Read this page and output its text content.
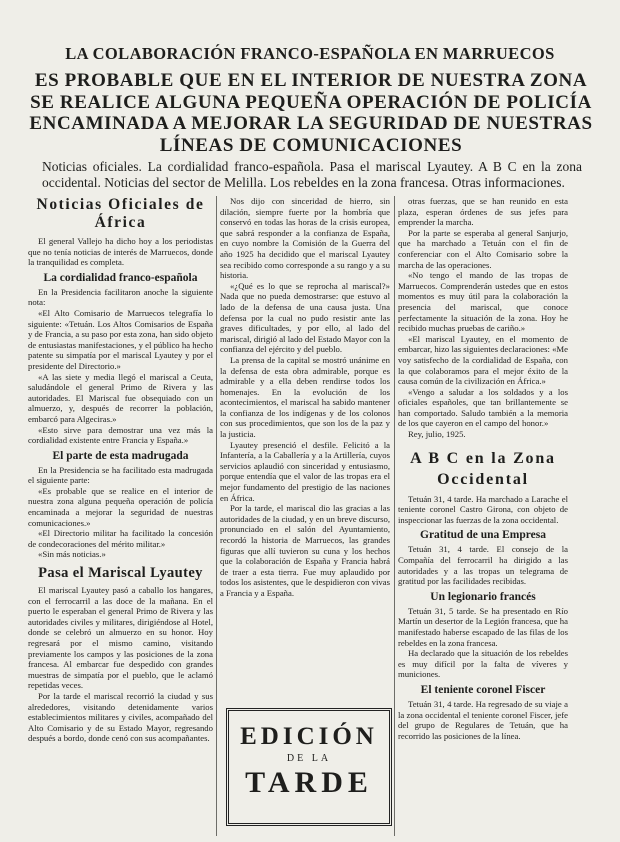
LA COLABORACIÓN FRANCO-ESPAÑOLA EN MARRUECOS
ES PROBABLE QUE EN EL INTERIOR DE NUESTRA ZONA SE REALICE ALGUNA PEQUEÑA OPERACIÓN DE POLICÍA ENCAMINADA A MEJORAR LA SEGURIDAD DE NUESTRAS LÍNEAS DE COMUNICACIONES
Noticias oficiales. La cordialidad franco-española. Pasa el mariscal Lyautey. A B C en la zona occidental. Noticias del sector de Melilla. Los rebeldes en la zona francesa. Otras informaciones.
Noticias Oficiales de África

El general Vallejo ha dicho hoy a los periodistas que no tenía noticias de interés de Marruecos, donde la tranquilidad es completa.

La cordialidad franco-española

En la Presidencia facilitaron anoche la siguiente nota:

«El Alto Comisario de Marruecos telegrafía lo siguiente: «Tetuán. Los Altos Comisarios de España y de Francia, a su paso por esta zona, han sido objeto de entusiastas manifestaciones, y el público ha hecho patente su simpatía por el mariscal Lyautey y por el presidente del Directorio.»

«A las siete y media llegó el mariscal a Ceuta, saludándole el general Primo de Rivera y las autoridades. El Mariscal fue obsequiado con un almuerzo, y, después de recorrer la población, embarcó para Algeciras.»

«Esto sirve para demostrar una vez más la cordialidad existente entre Francia y España.»

El parte de esta madrugada

En la Presidencia se ha facilitado esta madrugada el siguiente parte:

«Es probable que se realice en el interior de nuestra zona alguna pequeña operación de policía encaminada a mejorar la seguridad de nuestras comunicaciones.»

«El Directorio militar ha facilitado la concesión de condecoraciones del mérito militar.»

«Sin más noticias.»

Pasa el Mariscal Lyautey

El mariscal Lyautey pasó a caballo los hangares, con el ferrocarril a las doce de la mañana. En el puerto le esperaban el general Primo de Rivera y las autoridades civiles y militares, dirigiéndose al Hotel, donde se celebró un almuerzo en su honor. Hoy regresará por el mismo camino, visitando previamente los campos y las posiciones de la zona francesa. Al embarcar fue despedido con grandes muestras de simpatía por el pueblo, que le aclamó repetidas veces.

Por la tarde el mariscal recorrió la ciudad y sus alrededores, visitando detenidamente varios establecimientos militares y civiles, acompañado del Alto Comisario y de su Estado Mayor, regresando después a bordo, donde cenó con sus acompañantes.

Nos dijo con sinceridad de hierro, sin dilación, siempre fuerte por la hombría que conservó en todas las horas de la crisis europea, que sabrá responder a la confianza de España, en cuyo nombre la Comisión de la Guerra del año 1925 ha decidido que el mariscal Lyautey sea recibido como corresponde a su rango y a su historia.

«¿Qué es lo que se reprocha al mariscal?» Nada que no pueda demostrarse: que estuvo al lado de la defensa de una causa justa. Una defensa por la cual no pudo resistir ante las graves dificultades, y por ello, al lado del mariscal, dirigió al lado del Estado Mayor con la confianza del ejército y del pueblo.

La prensa de la capital se mostró unánime en la defensa de esta obra admirable, porque es admirable y a ella deben rendirse todos los homenajes. En la evolución de los acontecimientos, el mariscal ha sabido mantener la confianza de los indígenas y de los colonos con sus procedimientos, que son los de la paz y la justicia.

Lyautey presenció el desfile. Felicitó a la Infantería, a la Caballería y a la Artillería, cuyos servicios aplaudió con sinceridad y entusiasmo, porque entendía que el valor de las tropas era el mejor fundamento del prestigio de las naciones en África.

Por la tarde, el mariscal dio las gracias a las autoridades de la ciudad, y en un breve discurso, pronunciado en el salón del Ayuntamiento, recordó la historia de Marruecos, las grandes figuras que allí tuvieron su cuna y los hechos que la colaboración de España y Francia habrá de traer a esta tierra. Fue muy aplaudido por todos los asistentes, que le despidieron con vivas a Francia y a España.

EDICIÓN
DE LA
TARDE

otras fuerzas, que se han reunido en esta plaza, esperan órdenes de sus jefes para emprender la marcha.

Por la parte se esperaba al general Sanjurjo, que ha marchado a Tetuán con el fin de conferenciar con el Alto Comisario sobre la marcha de las operaciones.

«No tengo el mando de las tropas de Marruecos. Comprenderán ustedes que en estos momentos es muy útil para la colaboración la presencia del mariscal, que conoce perfectamente la situación de la zona. Hoy he recibido muchas pruebas de cariño.»

«El mariscal Lyautey, en el momento de embarcar, hizo las siguientes declaraciones: «Me voy satisfecho de la cordialidad de España, con la que colaboramos para el mejor éxito de la causa común de la civilización en África.»

«Vengo a saludar a los soldados y a los oficiales españoles, que tan brillantemente se han comportado. Saludo también a la memoria de los que cayeron en el campo del honor.»

Rey, julio, 1925.

A B C en la Zona Occidental

Tetuán 31, 4 tarde. Ha marchado a Larache el teniente coronel Castro Girona, con objeto de inspeccionar las fuerzas de la zona occidental.

Gratitud de una Empresa

Tetuán 31, 4 tarde. El consejo de la Compañía del ferrocarril ha dirigido a las autoridades y a las tropas un telegrama de gratitud por las facilidades recibidas.

Un legionario francés

Tetuán 31, 5 tarde. Se ha presentado en Río Martín un desertor de la Legión francesa, que ha manifestado haberse escapado de las filas de los rebeldes en la zona francesa.

Ha declarado que la situación de los rebeldes es muy difícil por la falta de víveres y municiones.

El teniente coronel Fiscer

Tetuán 31, 4 tarde. Ha regresado de su viaje a la zona occidental el teniente coronel Fiscer, jefe del grupo de Regulares de Tetuán, que ha recorrido las posiciones de la línea.
